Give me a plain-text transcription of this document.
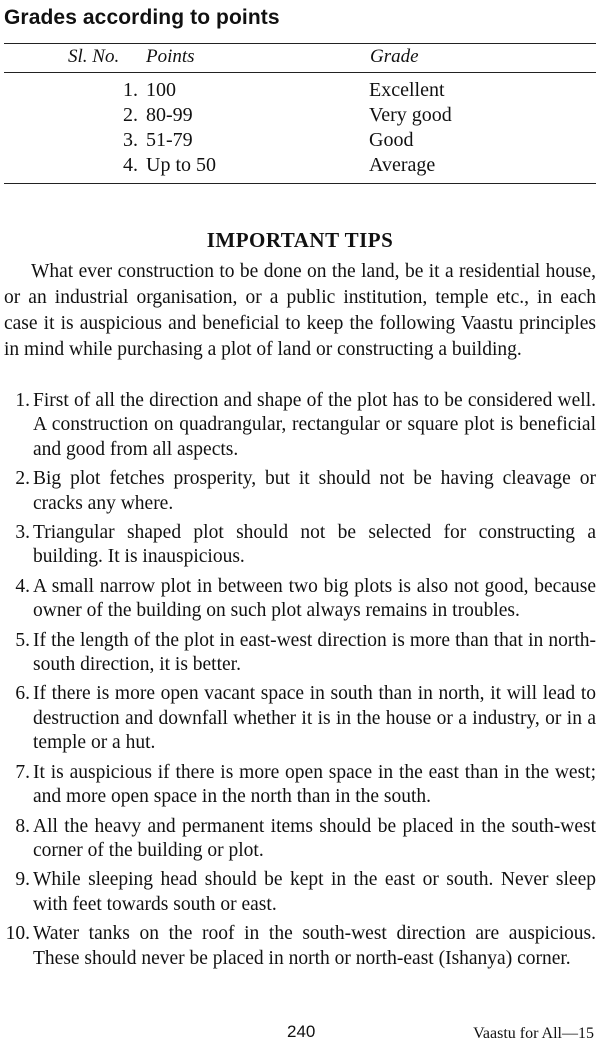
Grades according to points
Sl. No. Points	Grade
1. 100	Excellent
2. 80-99	Very good
3. 51-79	Good
4. Up to 50	Average
IMPORTANT TIPS

What ever construction to be done on the land, be it a residential house, or an industrial organisation, or a public institution, temple etc., in each case it is auspicious and beneficial to keep the following Vaastu principles in mind while purchasing a plot of land or constructing a building.

1. First of all the direction and shape of the plot has to be considered well. A construction on quadrangular, rectangular or square plot is beneficial and good from all aspects.
2. Big plot fetches prosperity, but it should not be having cleavage or cracks any where.
3. Triangular shaped plot should not be selected for constructing a building. It is inauspicious.
4. A small narrow plot in between two big plots is also not good, because owner of the building on such plot always remains in troubles.
5. If the length of the plot in east-west direction is more than that in north-south direction, it is better.
6. If there is more open vacant space in south than in north, it will lead to destruction and downfall whether it is in the house or a industry, or in a temple or a hut.
7. It is auspicious if there is more open space in the east than in the west; and more open space in the north than in the south.
8. All the heavy and permanent items should be placed in the south-west corner of the building or plot.
9. While sleeping head should be kept in the east or south. Never sleep with feet towards south or east.
10. Water tanks on the roof in the south-west direction are auspicious. These should never be placed in north or north-east (Ishanya) corner.
240	Vaastu for All—15
